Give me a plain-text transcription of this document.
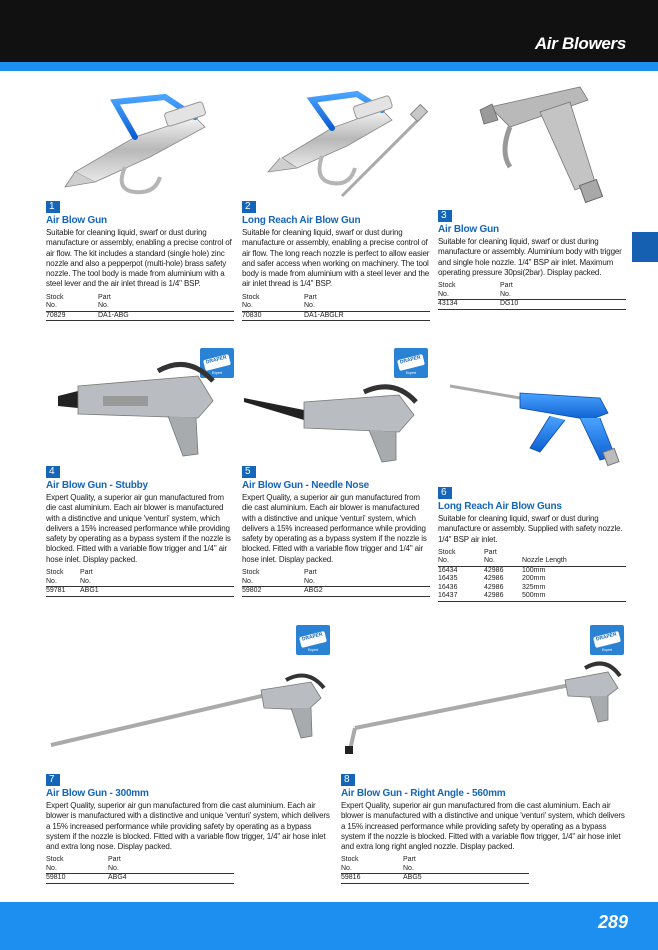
Air Blowers
1
Air Blow Gun
Suitable for cleaning liquid, swarf or dust during manufacture or assembly, enabling a precise control of air flow. The kit includes a standard (single hole) zinc nozzle and also a pepperpot (multi-hole) brass safety nozzle. The tool body is made from aluminium with a steel lever and the air inlet thread is 1/4" BSP.
Stock
No.	Part
No.
70829	DA1-ABG
2
Long Reach Air Blow Gun
Suitable for cleaning liquid, swarf or dust during manufacture or assembly, enabling a precise control of air flow. The long reach nozzle is perfect to allow easier and safer access when working on machinery. The tool body is made from aluminium with a steel lever and the air inlet thread is 1/4" BSP.
Stock
No.	Part
No.
70830	DA1-ABGLR
3
Air Blow Gun
Suitable for cleaning liquid, swarf or dust during manufacture or assembly. Aluminium body with trigger and single hole nozzle. 1/4" BSP air inlet. Maximum operating pressure 30psi(2bar). Display packed.
Stock
No.	Part
No.
43134	DG10
DRAPER
Expert
4
Air Blow Gun - Stubby
Expert Quality, a superior air gun manufactured from die cast aluminium. Each air blower is manufactured with a distinctive and unique 'venturi' system, which delivers a 15% increased performance while providing safety by operating as a bypass system if the nozzle is blocked. Fitted with a variable flow trigger and 1/4" air hose inlet. Display packed.
Stock
No.	Part
No.
59781	ABG1
DRAPER
Expert
5
Air Blow Gun - Needle Nose
Expert Quality, a superior air gun manufactured from die cast aluminium. Each air blower is manufactured with a distinctive and unique 'venturi' system, which delivers a 15% increased performance while providing safety by operating as a bypass system if the nozzle is blocked. Fitted with a variable flow trigger and 1/4" air hose inlet. Display packed.
Stock
No.	Part
No.
59802	ABG2
6
Long Reach Air Blow Guns
Suitable for cleaning liquid, swarf or dust during manufacture or assembly. Supplied with safety nozzle. 1/4" BSP air inlet.
Stock
No.	Part
No.	Nozzle Length
16434	42986	100mm
16435	42986	200mm
16436	42986	325mm
16437	42986	500mm
DRAPER
Expert
7
Air Blow Gun - 300mm
Expert Quality, superior air gun manufactured from die cast aluminium. Each air blower is manufactured with a distinctive and unique 'venturi' system, which delivers a 15% increased performance while providing safety by operating as a bypass system if the nozzle is blocked. Fitted with a variable flow trigger, 1/4" air hose inlet and extra long nose. Display packed.
Stock
No.	Part
No.
59810	ABG4
DRAPER
Expert
8
Air Blow Gun - Right Angle - 560mm
Expert Quality, superior air gun manufactured from die cast aluminium. Each air blower is manufactured with a distinctive and unique 'venturi' system, which delivers a 15% increased performance while providing safety by operating as a bypass system if the nozzle is blocked. Fitted with a variable flow trigger, 1/4" air hose inlet and extra long right angled nozzle. Display packed.
Stock
No.	Part
No.
59816	ABG5
289
